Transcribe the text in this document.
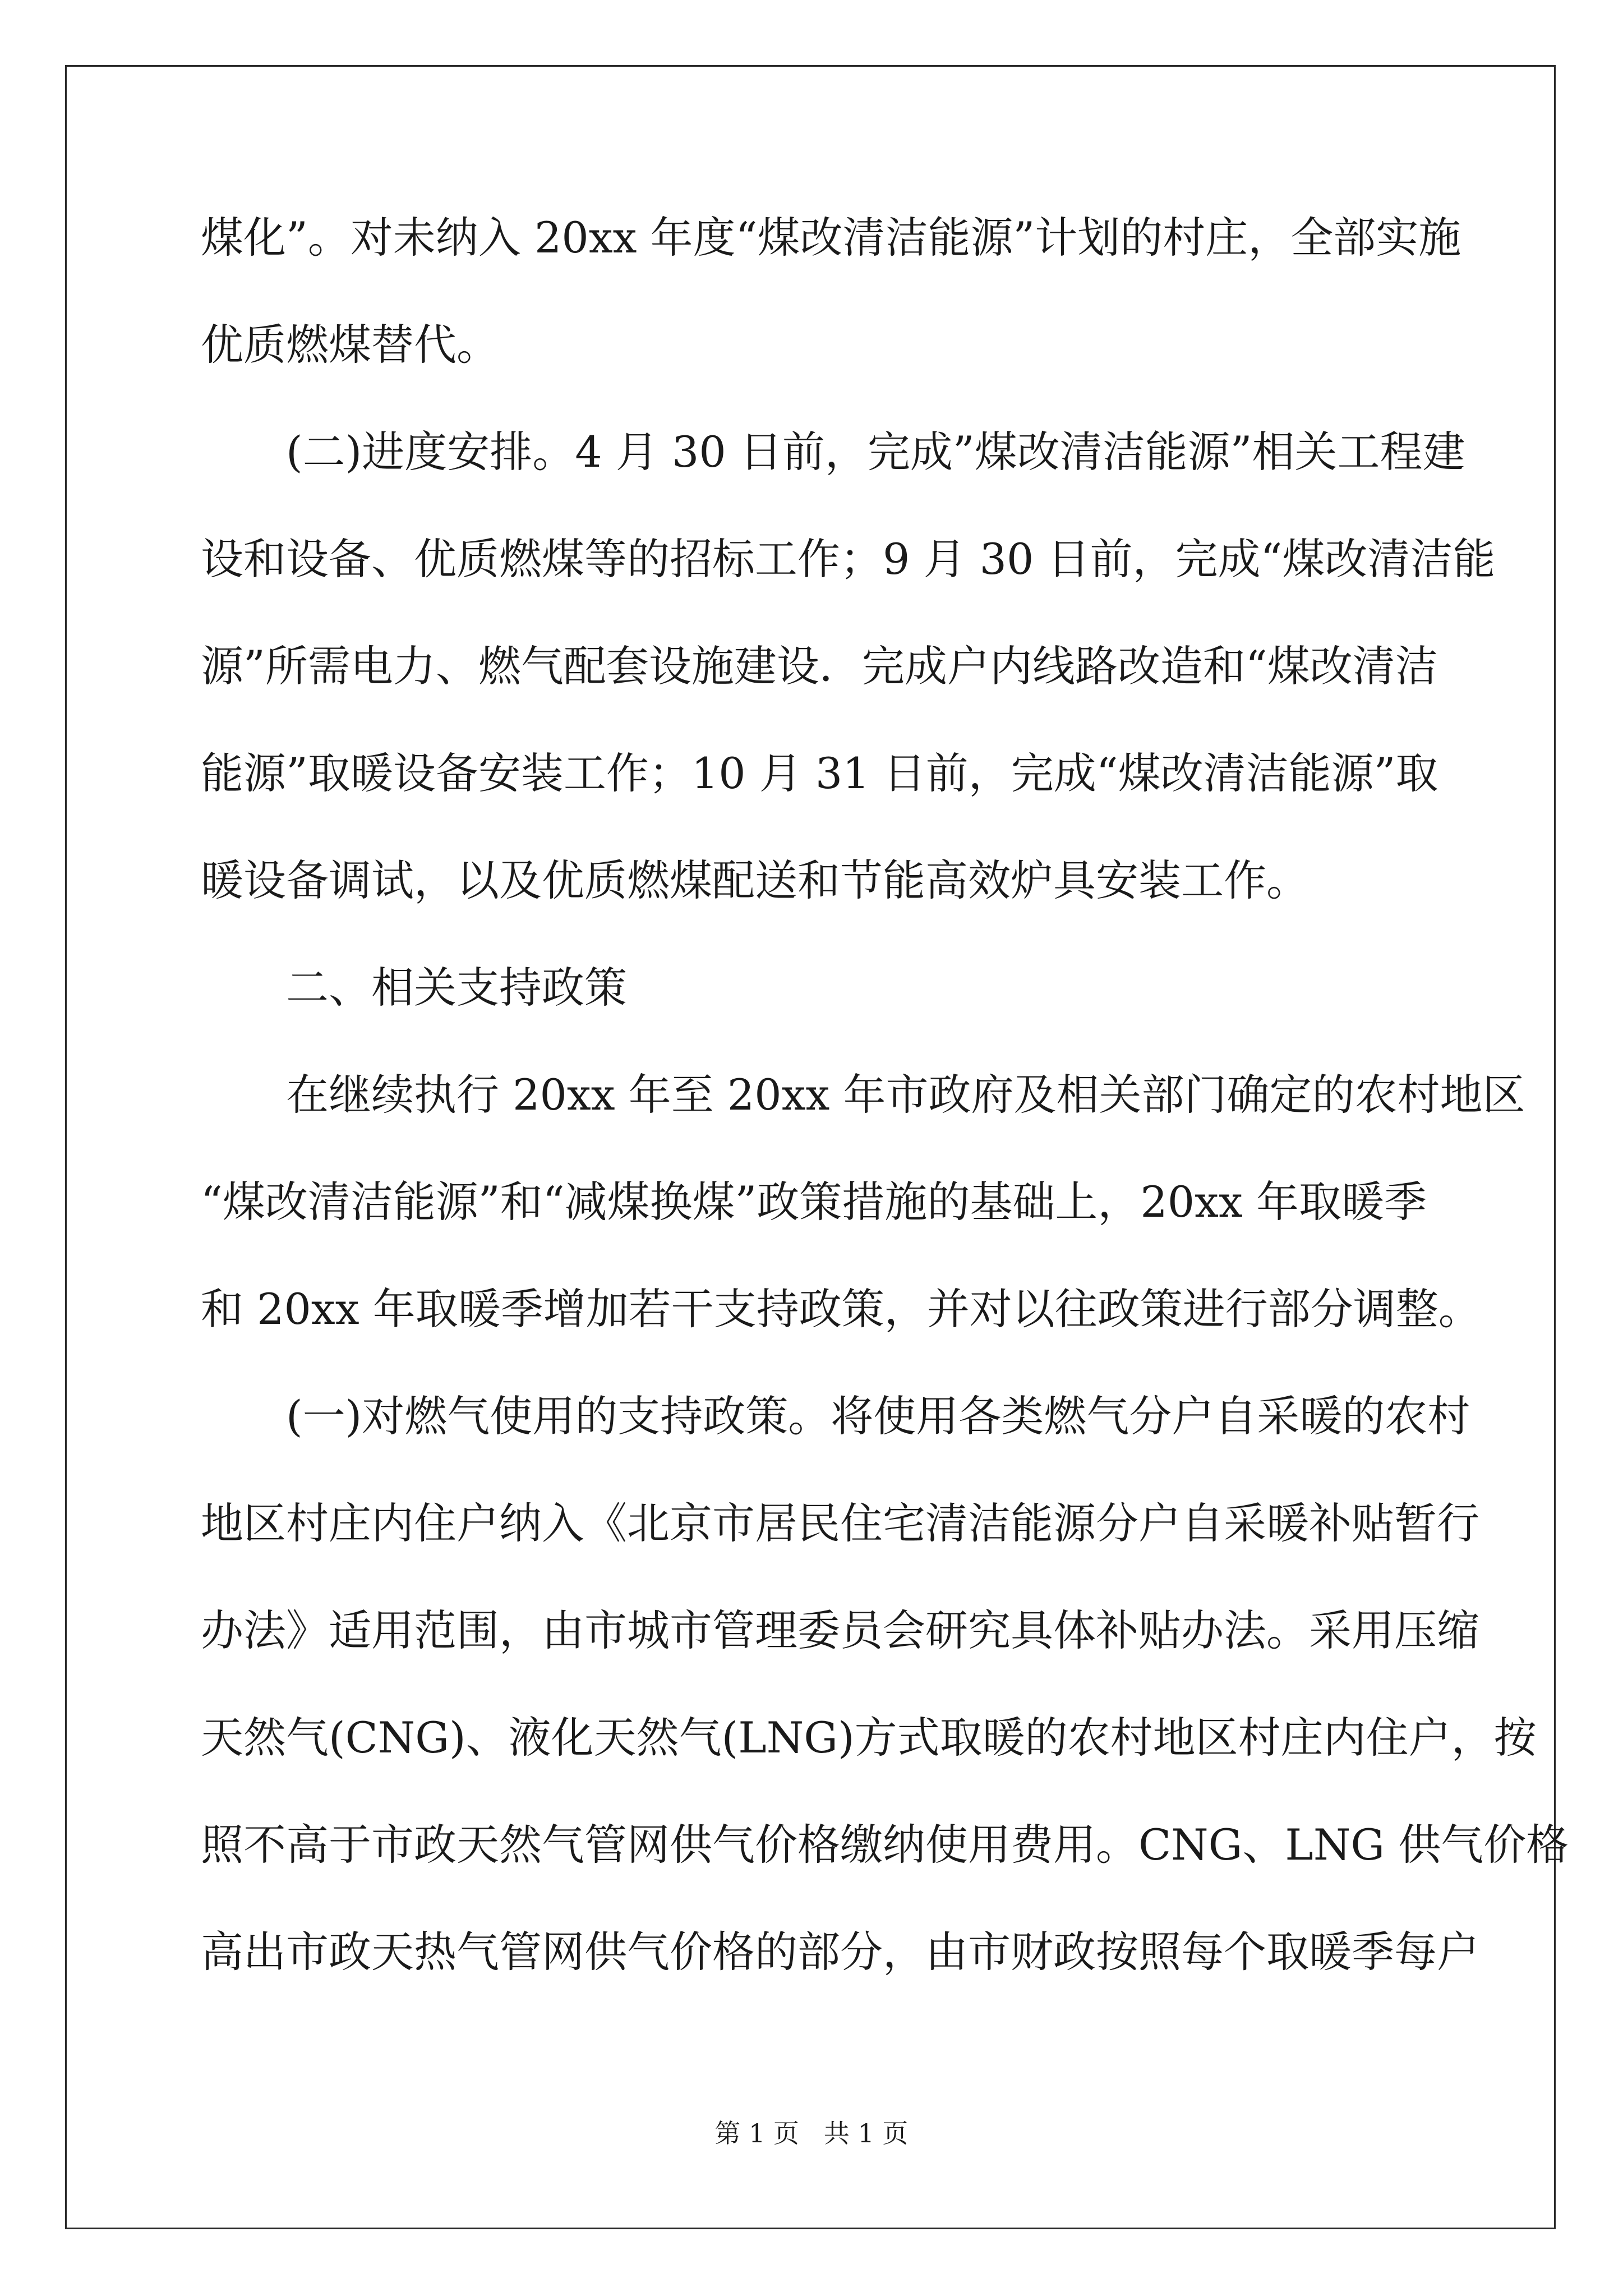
煤化”。对未纳入 20xx 年度“煤改清洁能源”计划的村庄，全部实施
优质燃煤替代。
(二)进度安排。4 月 30 日前，完成”煤改清洁能源”相关工程建
设和设备、优质燃煤等的招标工作；9 月 30 日前，完成“煤改清洁能
源”所需电力、燃气配套设施建设．完成户内线路改造和“煤改清洁
能源”取暖设备安装工作；10 月 31 日前，完成“煤改清洁能源”取
暖设备调试，以及优质燃煤配送和节能高效炉具安装工作。
二、相关支持政策
在继续执行 20xx 年至 20xx 年市政府及相关部门确定的农村地区
“煤改清洁能源”和“减煤换煤”政策措施的基础上，20xx 年取暖季
和 20xx 年取暖季增加若干支持政策，并对以往政策进行部分调整。
(一)对燃气使用的支持政策。将使用各类燃气分户自采暖的农村
地区村庄内住户纳入《北京市居民住宅清洁能源分户自采暖补贴暂行
办法》适用范围，由市城市管理委员会研究具体补贴办法。采用压缩
天然气(CNG)、液化天然气(LNG)方式取暖的农村地区村庄内住户，按
照不高于市政天然气管网供气价格缴纳使用费用。CNG、LNG 供气价格
高出市政天热气管网供气价格的部分，由市财政按照每个取暖季每户
第 1 页   共 1 页
